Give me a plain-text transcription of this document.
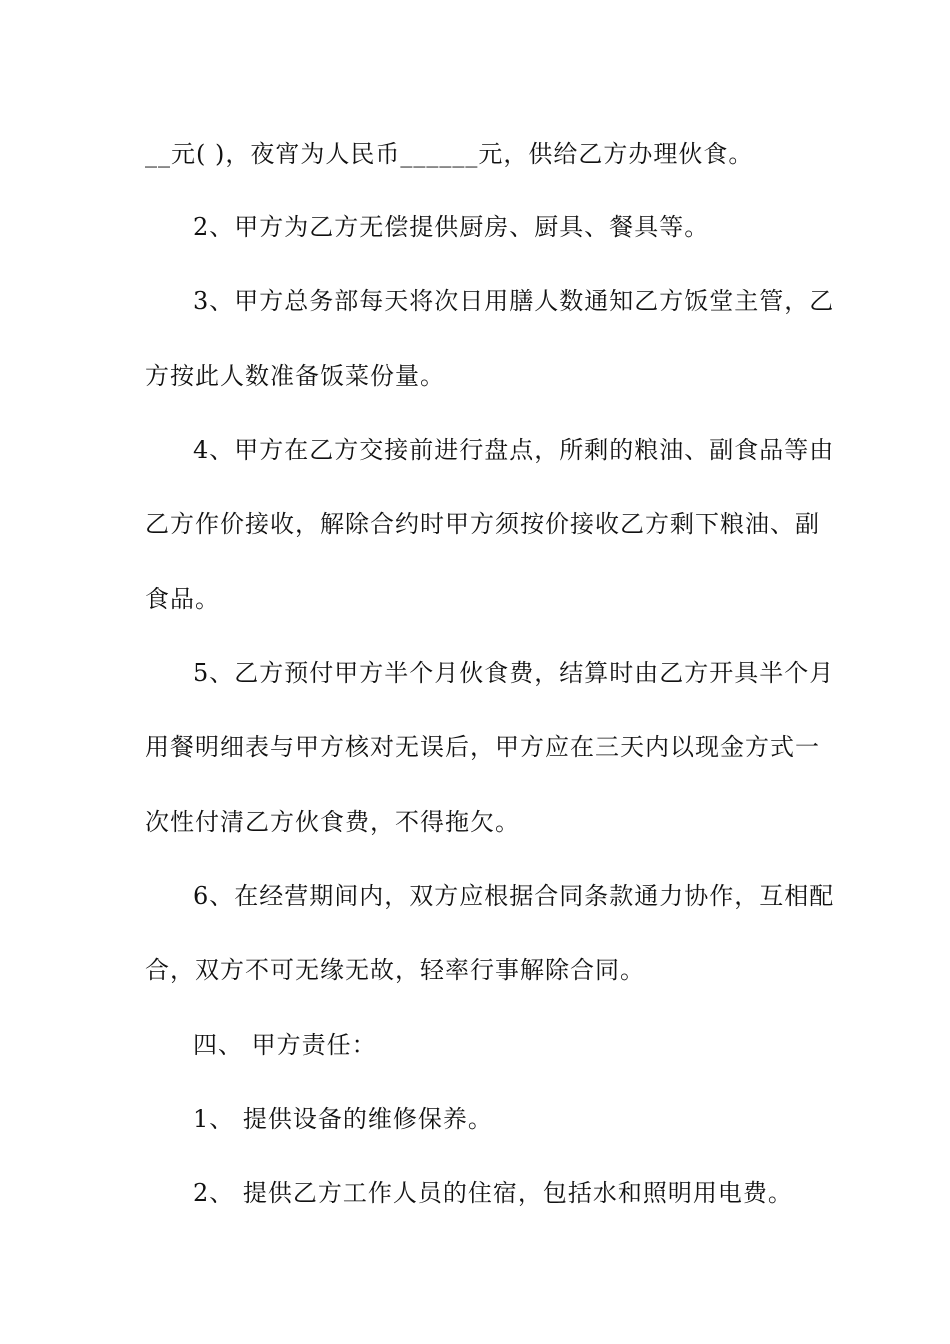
__元( )，夜宵为人民币______元，供给乙方办理伙食。
2、甲方为乙方无偿提供厨房、厨具、餐具等。
3、甲方总务部每天将次日用膳人数通知乙方饭堂主管，乙
方按此人数准备饭菜份量。
4、甲方在乙方交接前进行盘点，所剩的粮油、副食品等由
乙方作价接收，解除合约时甲方须按价接收乙方剩下粮油、副
食品。
5、乙方预付甲方半个月伙食费，结算时由乙方开具半个月
用餐明细表与甲方核对无误后，甲方应在三天内以现金方式一
次性付清乙方伙食费，不得拖欠。
6、在经营期间内，双方应根据合同条款通力协作，互相配
合，双方不可无缘无故，轻率行事解除合同。
四、 甲方责任：
1、 提供设备的维修保养。
2、 提供乙方工作人员的住宿，包括水和照明用电费。
